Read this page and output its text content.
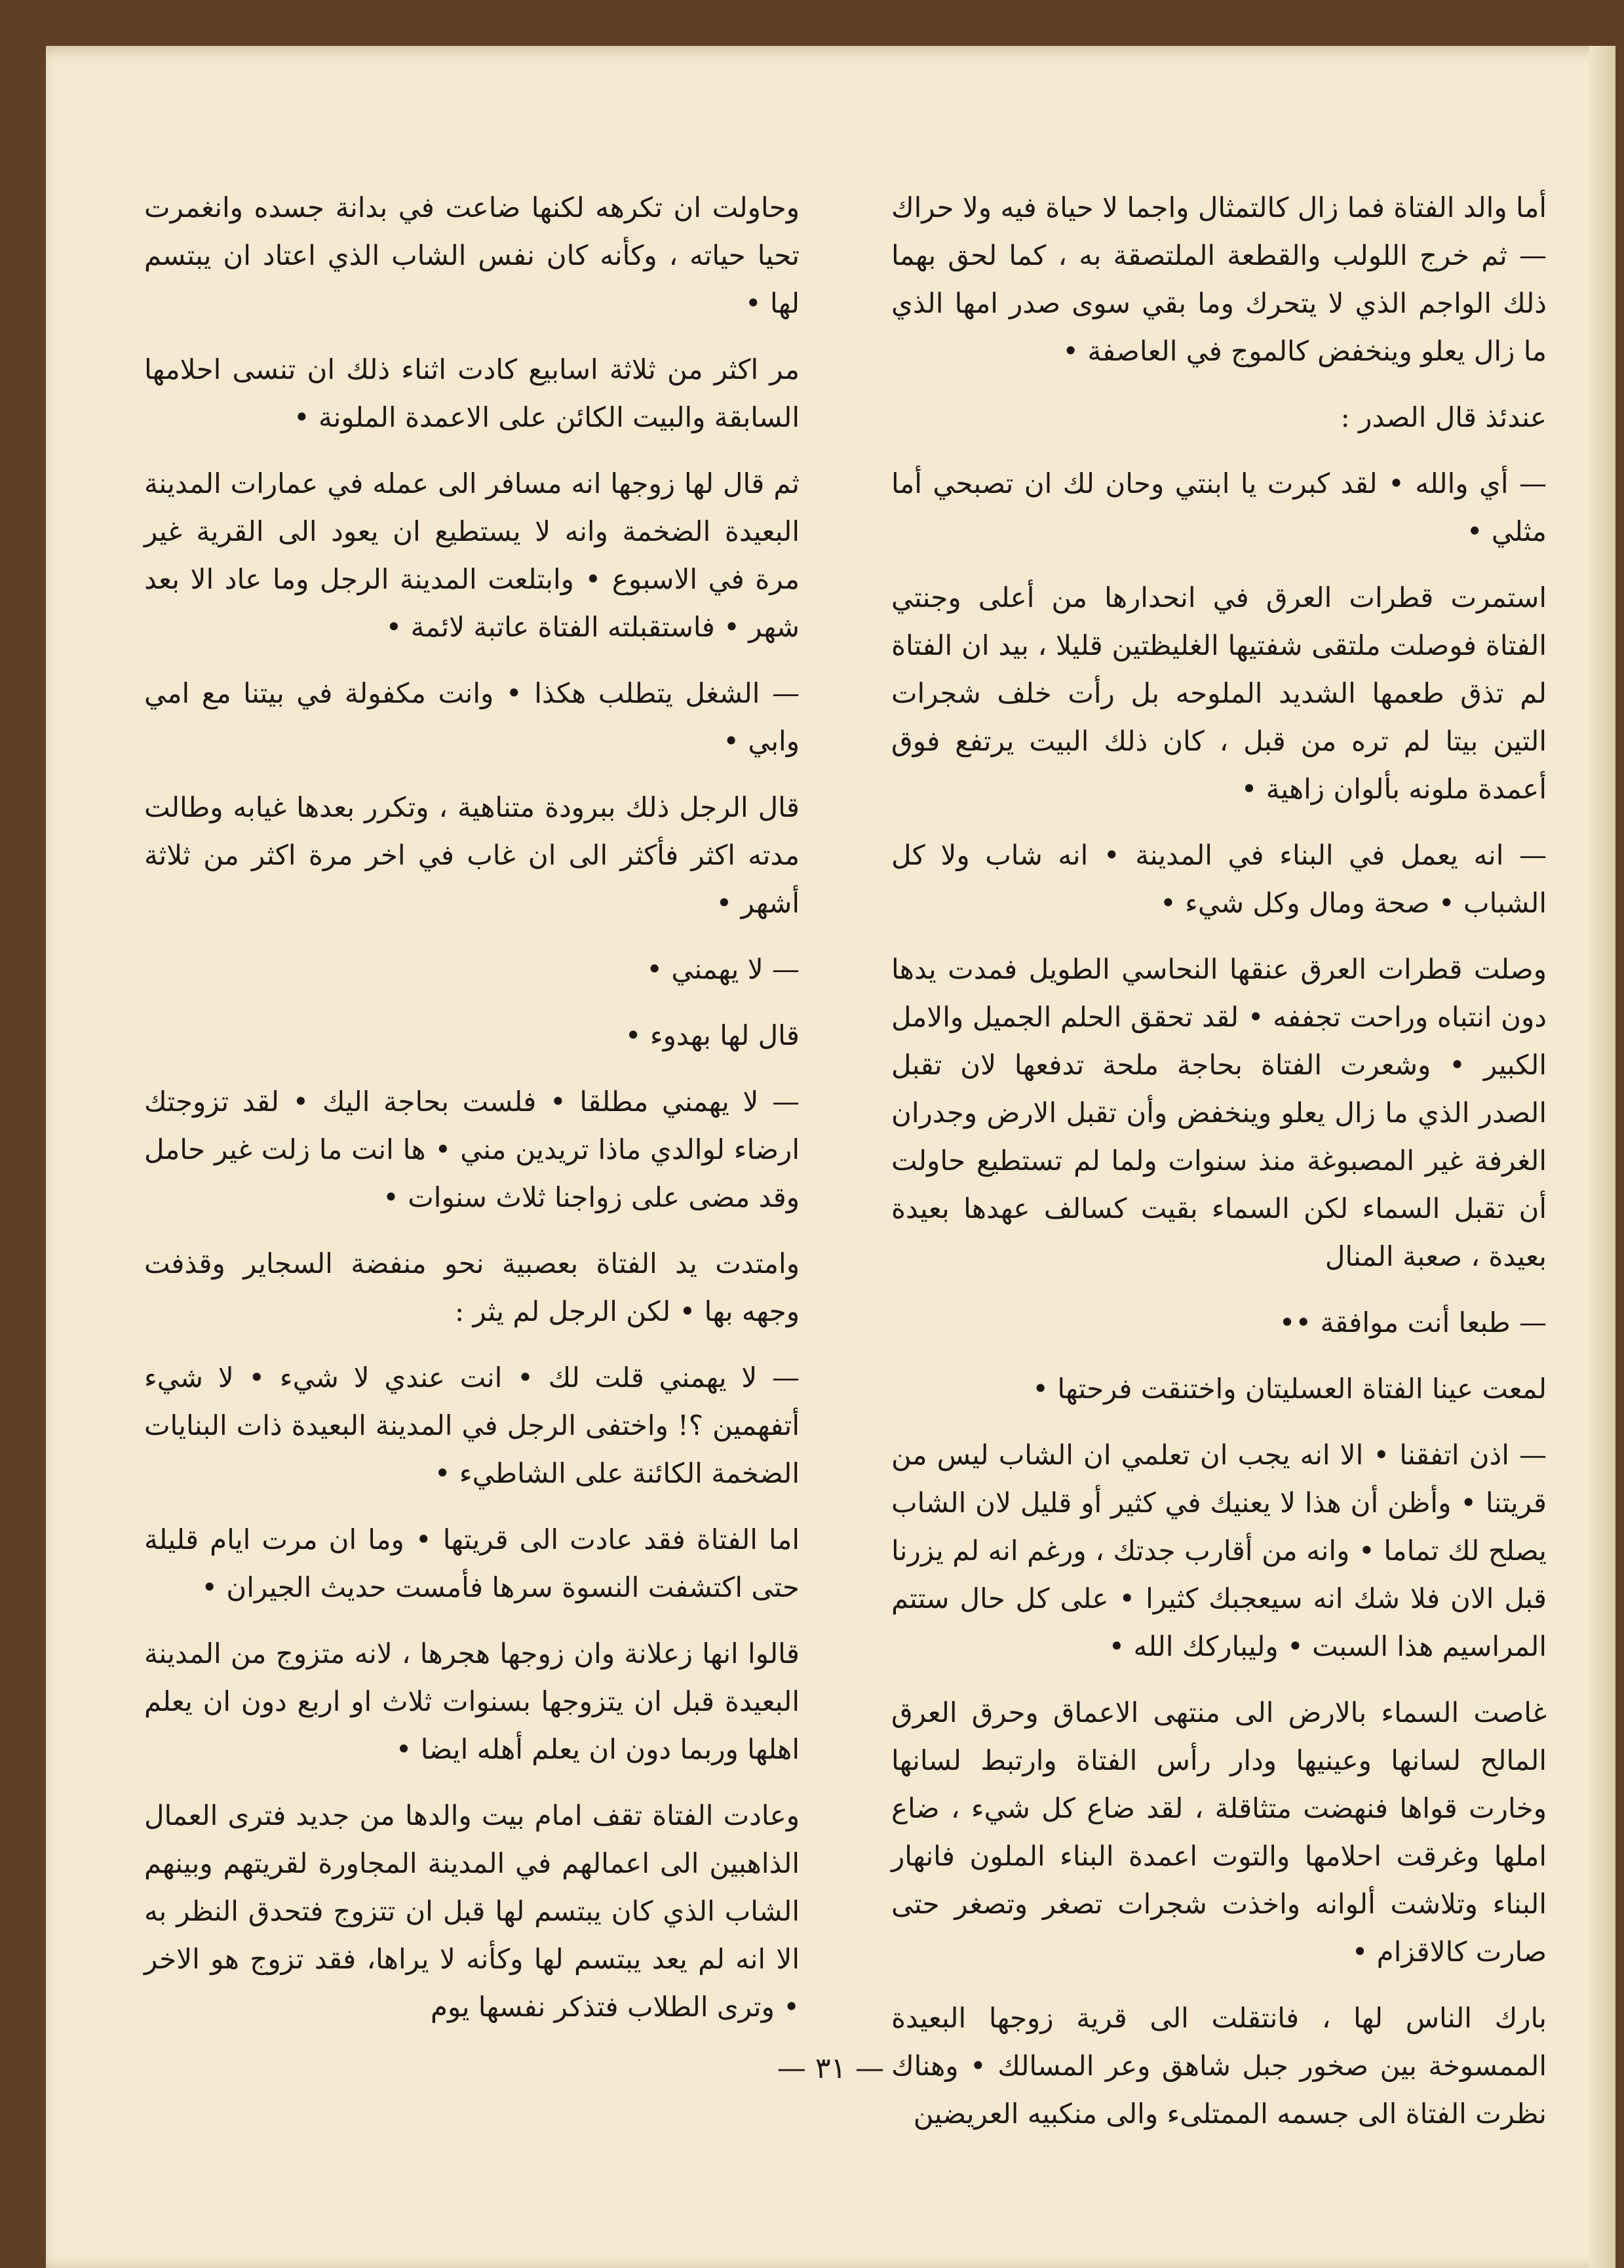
أما والد الفتاة فما زال كالتمثال واجما لا حياة فيه ولا حراك — ثم خرج اللولب والقطعة الملتصقة به ، كما لحق بهما ذلك الواجم الذي لا يتحرك وما بقي سوى صدر امها الذي ما زال يعلو وينخفض كالموج في العاصفة •

عندئذ قال الصدر :

— أي والله • لقد كبرت يا ابنتي وحان لك ان تصبحي أما مثلي •

استمرت قطرات العرق في انحدارها من أعلى وجنتي الفتاة فوصلت ملتقى شفتيها الغليظتين قليلا ، بيد ان الفتاة لم تذق طعمها الشديد الملوحه بل رأت خلف شجرات التين بيتا لم تره من قبل ، كان ذلك البيت يرتفع فوق أعمدة ملونه بألوان زاهية •

— انه يعمل في البناء في المدينة • انه شاب ولا كل الشباب • صحة ومال وكل شيء •

وصلت قطرات العرق عنقها النحاسي الطويل فمدت يدها دون انتباه وراحت تجففه • لقد تحقق الحلم الجميل والامل الكبير • وشعرت الفتاة بحاجة ملحة تدفعها لان تقبل الصدر الذي ما زال يعلو وينخفض وأن تقبل الارض وجدران الغرفة غير المصبوغة منذ سنوات ولما لم تستطيع حاولت أن تقبل السماء لكن السماء بقيت كسالف عهدها بعيدة بعيدة ، صعبة المنال

— طبعا أنت موافقة ••

لمعت عينا الفتاة العسليتان واختنقت فرحتها •

— اذن اتفقنا • الا انه يجب ان تعلمي ان الشاب ليس من قريتنا • وأظن أن هذا لا يعنيك في كثير أو قليل لان الشاب يصلح لك تماما • وانه من أقارب جدتك ، ورغم انه لم يزرنا قبل الان فلا شك انه سيعجبك كثيرا • على كل حال ستتم المراسيم هذا السبت • وليباركك الله •

غاصت السماء بالارض الى منتهى الاعماق وحرق العرق المالح لسانها وعينيها ودار رأس الفتاة وارتبط لسانها وخارت قواها فنهضت متثاقلة ، لقد ضاع كل شيء ، ضاع املها وغرقت احلامها والتوت اعمدة البناء الملون فانهار البناء وتلاشت ألوانه واخذت شجرات تصغر وتصغر حتى صارت كالاقزام •

بارك الناس لها ، فانتقلت الى قرية زوجها البعيدة الممسوخة بين صخور جبل شاهق وعر المسالك • وهناك نظرت الفتاة الى جسمه الممتلىء والى منكبيه العريضين

وحاولت ان تكرهه لكنها ضاعت في بدانة جسده وانغمرت تحيا حياته ، وكأنه كان نفس الشاب الذي اعتاد ان يبتسم لها •

مر اكثر من ثلاثة اسابيع كادت اثناء ذلك ان تنسى احلامها السابقة والبيت الكائن على الاعمدة الملونة •

ثم قال لها زوجها انه مسافر الى عمله في عمارات المدينة البعيدة الضخمة وانه لا يستطيع ان يعود الى القرية غير مرة في الاسبوع • وابتلعت المدينة الرجل وما عاد الا بعد شهر • فاستقبلته الفتاة عاتبة لائمة •

— الشغل يتطلب هكذا • وانت مكفولة في بيتنا مع امي وابي •

قال الرجل ذلك ببرودة متناهية ، وتكرر بعدها غيابه وطالت مدته اكثر فأكثر الى ان غاب في اخر مرة اكثر من ثلاثة أشهر •

— لا يهمني •

قال لها بهدوء •

— لا يهمني مطلقا • فلست بحاجة اليك • لقد تزوجتك ارضاء لوالدي ماذا تريدين مني • ها انت ما زلت غير حامل وقد مضى على زواجنا ثلاث سنوات •

وامتدت يد الفتاة بعصبية نحو منفضة السجاير وقذفت وجهه بها • لكن الرجل لم يثر :

— لا يهمني قلت لك • انت عندي لا شيء • لا شيء أتفهمين ؟! واختفى الرجل في المدينة البعيدة ذات البنايات الضخمة الكائنة على الشاطيء •

اما الفتاة فقد عادت الى قريتها • وما ان مرت ايام قليلة حتى اكتشفت النسوة سرها فأمست حديث الجيران •

قالوا انها زعلانة وان زوجها هجرها ، لانه متزوج من المدينة البعيدة قبل ان يتزوجها بسنوات ثلاث او اربع دون ان يعلم اهلها وربما دون ان يعلم أهله ايضا •

وعادت الفتاة تقف امام بيت والدها من جديد فترى العمال الذاهبين الى اعمالهم في المدينة المجاورة لقريتهم وبينهم الشاب الذي كان يبتسم لها قبل ان تتزوج فتحدق النظر به الا انه لم يعد يبتسم لها وكأنه لا يراها، فقد تزوج هو الاخر • وترى الطلاب فتذكر نفسها يوم

— ٣١ —
